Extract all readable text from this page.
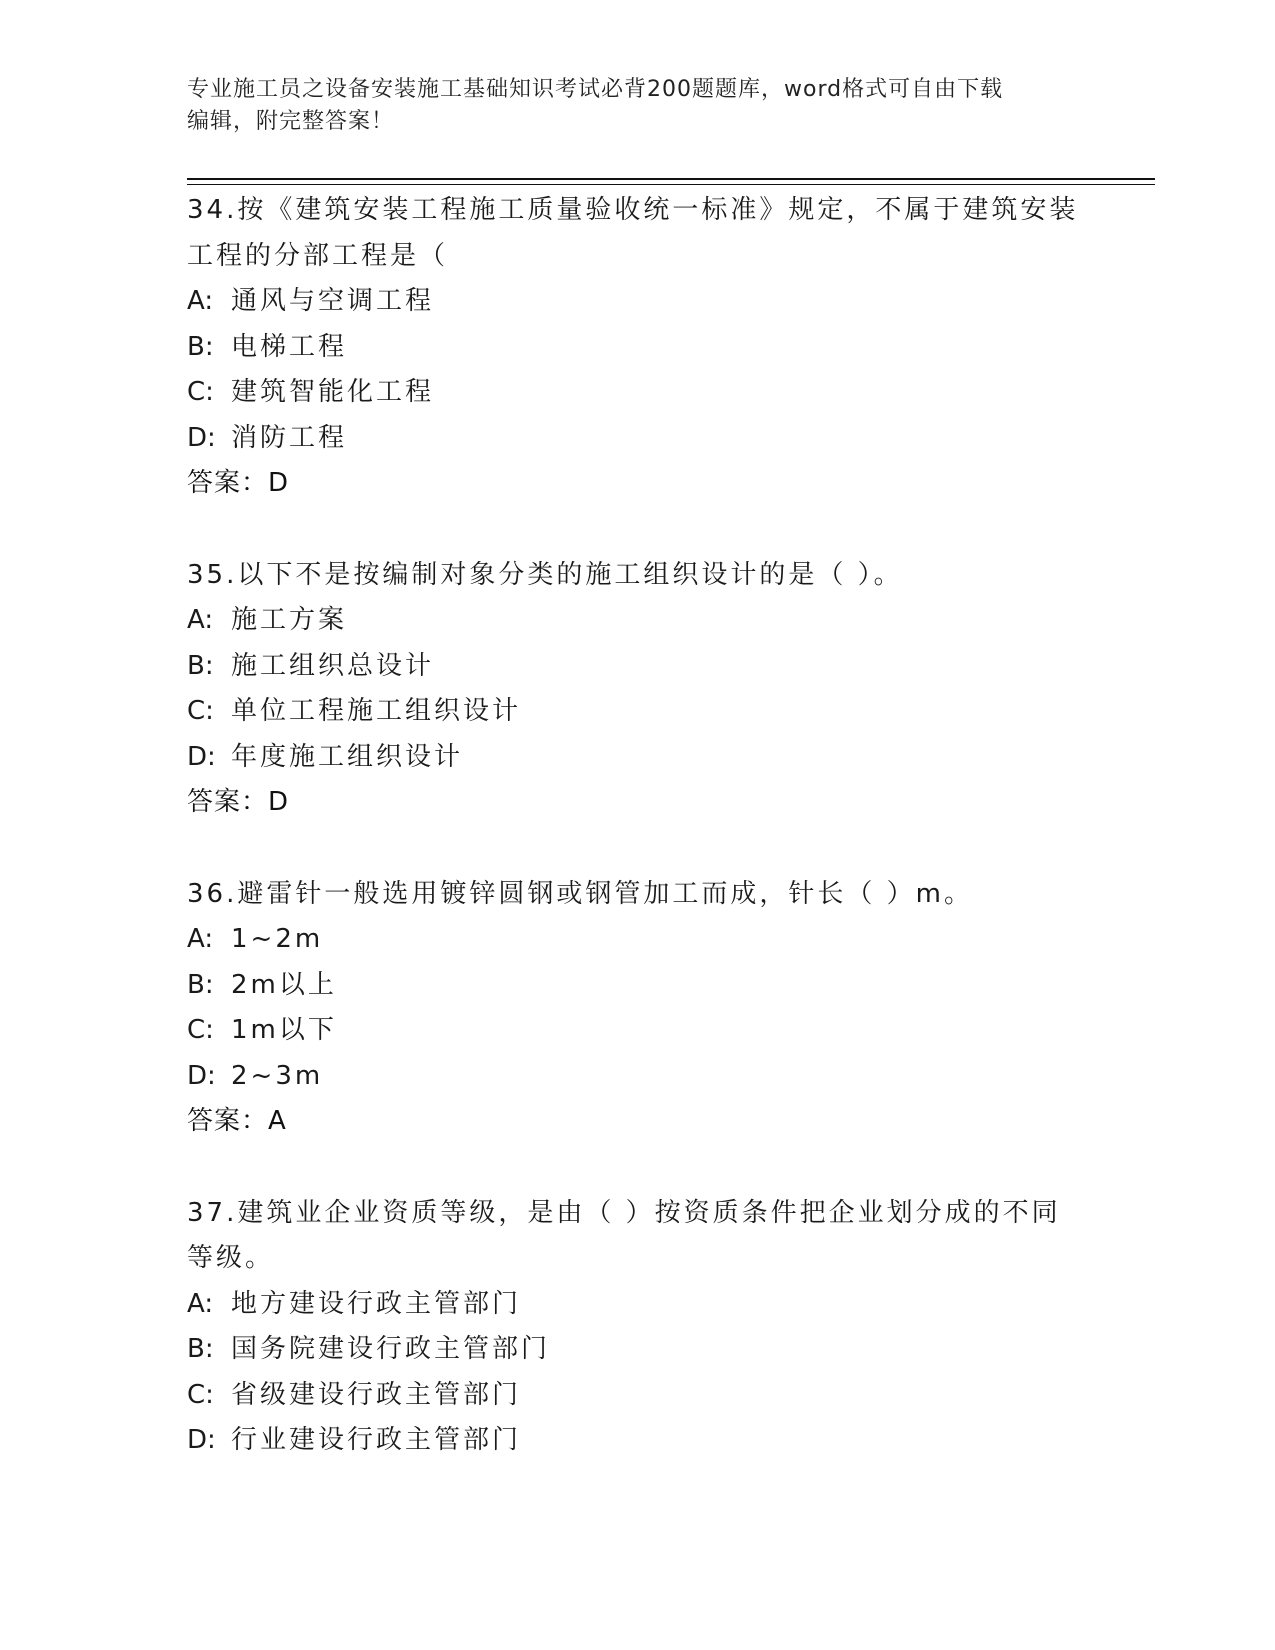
专业施工员之设备安装施工基础知识考试必背200题题库，word格式可自由下载
编辑，附完整答案！
34.按《建筑安装工程施工质量验收统一标准》规定，不属于建筑安装
工程的分部工程是（
A: 通风与空调工程
B: 电梯工程
C: 建筑智能化工程
D: 消防工程
答案：D
35.以下不是按编制对象分类的施工组织设计的是（ ）。
A: 施工方案
B: 施工组织总设计
C: 单位工程施工组织设计
D: 年度施工组织设计
答案：D
36.避雷针一般选用镀锌圆钢或钢管加工而成，针长（ ）m。
A: 1~2m
B: 2m以上
C: 1m以下
D: 2~3m
答案：A
37.建筑业企业资质等级，是由（ ）按资质条件把企业划分成的不同
等级。
A: 地方建设行政主管部门
B: 国务院建设行政主管部门
C: 省级建设行政主管部门
D: 行业建设行政主管部门
